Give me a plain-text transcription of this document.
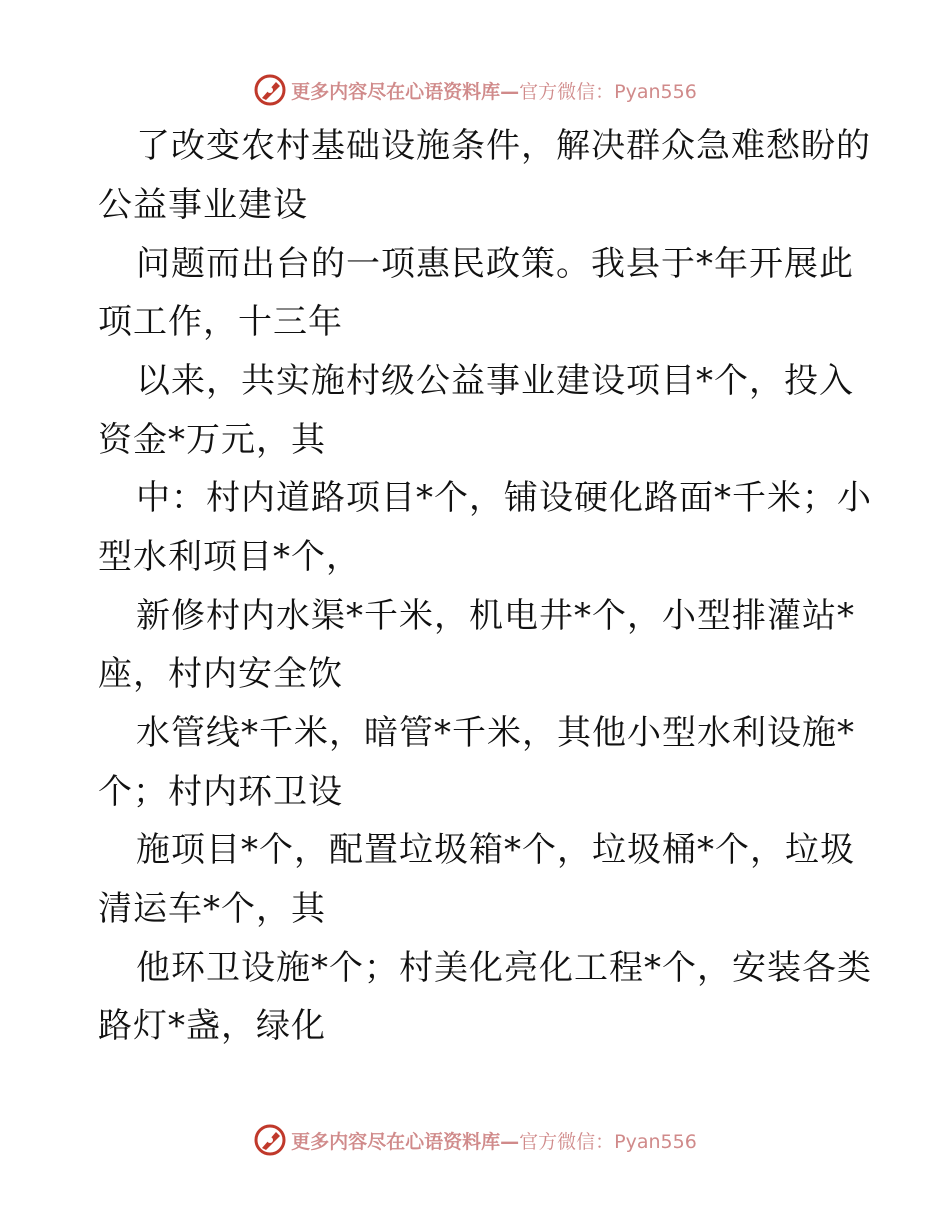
更多内容尽在心语资料库— 官方微信：Pyan556
了改变农村基础设施条件，解决群众急难愁盼的
公益事业建设
问题而出台的一项惠民政策。我县于*年开展此
项工作，十三年
以来，共实施村级公益事业建设项目*个，投入
资金*万元，其
中：村内道路项目*个，铺设硬化路面*千米；小
型水利项目*个，
新修村内水渠*千米，机电井*个，小型排灌站*
座，村内安全饮
水管线*千米，暗管*千米，其他小型水利设施*
个；村内环卫设
施项目*个，配置垃圾箱*个，垃圾桶*个，垃圾
清运车*个，其
他环卫设施*个；村美化亮化工程*个，安装各类
路灯*盏，绿化
更多内容尽在心语资料库— 官方微信：Pyan556
